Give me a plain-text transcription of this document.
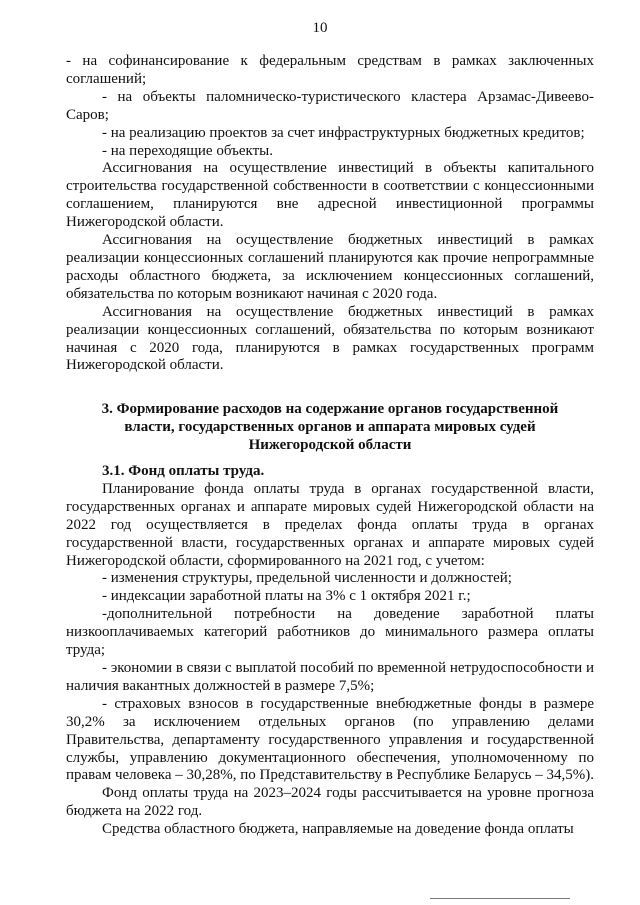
10

- на софинансирование к федеральным средствам в рамках заключенных соглашений;

- на объекты паломническо-туристического кластера Арзамас-Дивеево-Саров;

- на реализацию проектов за счет инфраструктурных бюджетных кредитов;

- на переходящие объекты.

Ассигнования на осуществление инвестиций в объекты капитального строительства государственной собственности в соответствии с концессионными соглашением, планируются вне адресной инвестиционной программы Нижегородской области.

Ассигнования на осуществление бюджетных инвестиций в рамках реализации концессионных соглашений планируются как прочие непрограммные расходы областного бюджета, за исключением концессионных соглашений, обязательства по которым возникают начиная с 2020 года.

Ассигнования на осуществление бюджетных инвестиций в рамках реализации концессионных соглашений, обязательства по которым возникают начиная с 2020 года, планируются в рамках государственных программ Нижегородской области.

3. Формирование расходов на содержание органов государственной
власти, государственных органов и аппарата мировых судей
Нижегородской области

3.1. Фонд оплаты труда.

Планирование фонда оплаты труда в органах государственной власти, государственных органах и аппарате мировых судей Нижегородской области на 2022 год осуществляется в пределах фонда оплаты труда в органах государственной власти, государственных органах и аппарате мировых судей Нижегородской области, сформированного на 2021 год, с учетом:

- изменения структуры, предельной численности и должностей;

- индексации заработной платы на 3% с 1 октября 2021 г.;

-дополнительной потребности на доведение заработной платы низкооплачиваемых категорий работников до минимального размера оплаты труда;

- экономии в связи с выплатой пособий по временной нетрудоспособности и наличия вакантных должностей в размере 7,5%;

- страховых взносов в государственные внебюджетные фонды в размере 30,2% за исключением отдельных органов (по управлению делами Правительства, департаменту государственного управления и государственной службы, управлению документационного обеспечения, уполномоченному по правам человека – 30,28%, по Представительству в Республике Беларусь – 34,5%).

Фонд оплаты труда на 2023–2024 годы рассчитывается на уровне прогноза бюджета на 2022 год.

Средства областного бюджета, направляемые на доведение фонда оплаты
